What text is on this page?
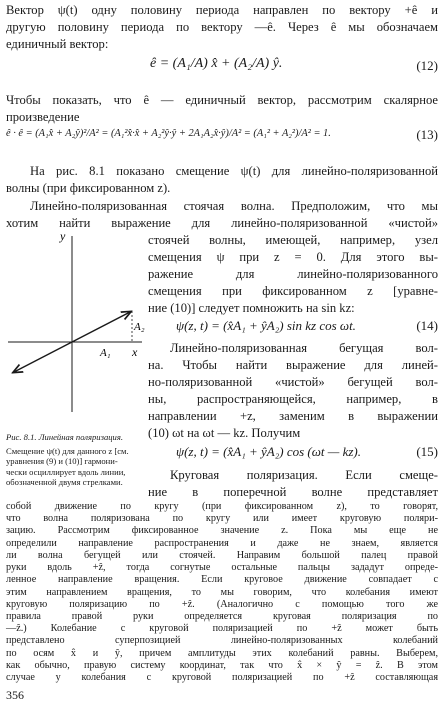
Вектор ψ(t) одну половину периода направлен по вектору +ê и
другую половину периода по вектору —ê. Через ê мы обозначаем
единичный вектор:
ê = (A₁/A) x̂ + (A₂/A) ŷ.	(12)
Чтобы показать, что ê — единичный вектор, рассмотрим скалярное
произведение
ê · ê = (A₁x̂ + A₂ŷ)²/A² = (A₁²x̂·x̂ + A₂²ŷ·ŷ + 2A₁A₂x̂·ŷ)/A² = (A₁² + A₂²)/A² = 1.	(13)
На рис. 8.1 показано смещение ψ(t) для линейно-поляризованной
волны (при фиксированном z).
Линейно-поляризованная стоячая волна. Предположим, что мы
хотим найти выражение для линейно-поляризованной «чистой»
стоячей волны, имеющей, например, узел
смещения ψ при z = 0. Для этого вы-
ражение для линейно-поляризованного
смещения при фиксированном z [уравне-
ние (10)] следует помножить на sin kz:
ψ(z, t) = (x̂A₁ + ŷA₂) sin kz cos ωt.	(14)
Линейно-поляризованная бегущая вол-
на. Чтобы найти выражение для линей-
но-поляризованной «чистой» бегущей вол-
ны, распространяющейся, например, в
направлении +z, заменим в выражении
(10) ωt на ωt — kz. Получим
ψ(z, t) = (x̂A₁ + ŷA₂) cos (ωt — kz).	(15)
Круговая поляризация. Если смеще-
ние в поперечной волне представляет
y
x
A₁
A₂
Рис. 8.1. Линейная поляризация.
Смещение ψ(t) для данного z [см.
уравнения (9) и (10)] гармони-
чески осциллирует вдоль линии,
обозначенной двумя стрелками.
собой движение по кругу (при фиксированном z), то говорят,
что волна поляризована по кругу или имеет круговую поляри-
зацию. Рассмотрим фиксированное значение z. Пока мы еще не
определили направление распространения и даже не знаем, является
ли волна бегущей или стоячей. Направим большой палец правой
руки вдоль +ẑ, тогда согнутые остальные пальцы зададут опреде-
ленное направление вращения. Если круговое движение совпадает с
этим направлением вращения, то мы говорим, что колебания имеют
круговую поляризацию по +ẑ. (Аналогично с помощью того же
правила правой руки определяется круговая поляризация по
—ẑ.) Колебание с круговой поляризацией по +ẑ может быть
представлено суперпозицией линейно-поляризованных колебаний
по осям x̂ и ŷ, причем амплитуды этих колебаний равны. Выберем,
как обычно, правую систему координат, так что x̂ × ŷ = ẑ. В этом
случае у колебания с круговой поляризацией по +ẑ составляющая
356
